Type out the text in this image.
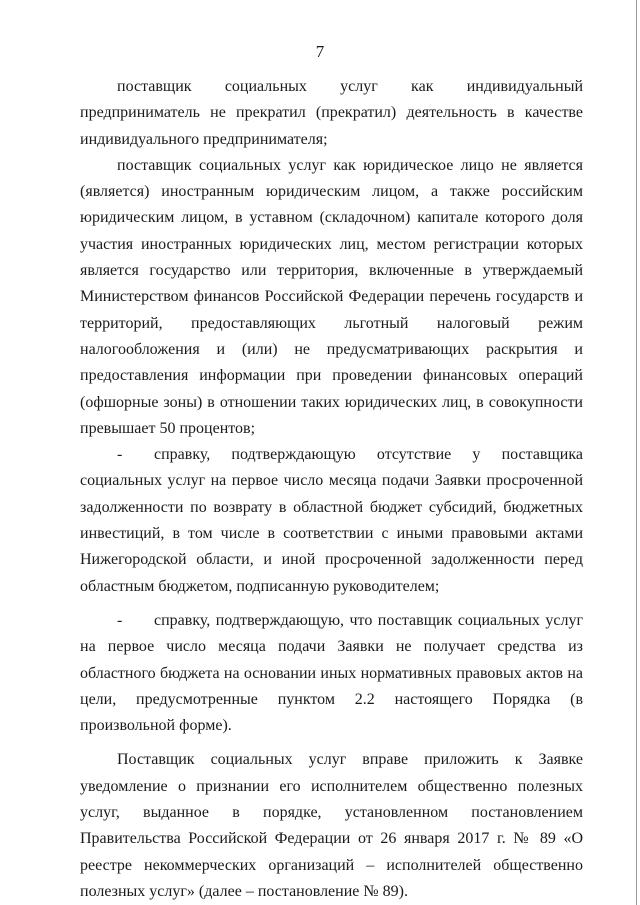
7

поставщик социальных услуг как индивидуальный предприниматель не прекратил (прекратил) деятельность в качестве индивидуального предпринимателя;

поставщик социальных услуг как юридическое лицо не является (является) иностранным юридическим лицом, а также российским юридическим лицом, в уставном (складочном) капитале которого доля участия иностранных юридических лиц, местом регистрации которых является государство или территория, включенные в утверждаемый Министерством финансов Российской Федерации перечень государств и территорий, предоставляющих льготный налоговый режим налогообложения и (или) не предусматривающих раскрытия и предоставления информации при проведении финансовых операций (офшорные зоны) в отношении таких юридических лиц, в совокупности превышает 50 процентов;

- справку, подтверждающую отсутствие у поставщика социальных услуг на первое число месяца подачи Заявки просроченной задолженности по возврату в областной бюджет субсидий, бюджетных инвестиций, в том числе в соответствии с иными правовыми актами Нижегородской области, и иной просроченной задолженности перед областным бюджетом, подписанную руководителем;

- справку, подтверждающую, что поставщик социальных услуг на первое число месяца подачи Заявки не получает средства из областного бюджета на основании иных нормативных правовых актов на цели, предусмотренные пунктом 2.2 настоящего Порядка (в произвольной форме).

Поставщик социальных услуг вправе приложить к Заявке уведомление о признании его исполнителем общественно полезных услуг, выданное в порядке, установленном постановлением Правительства Российской Федерации от 26 января 2017 г. № 89 «О реестре некоммерческих организаций – исполнителей общественно полезных услуг» (далее – постановление № 89).
